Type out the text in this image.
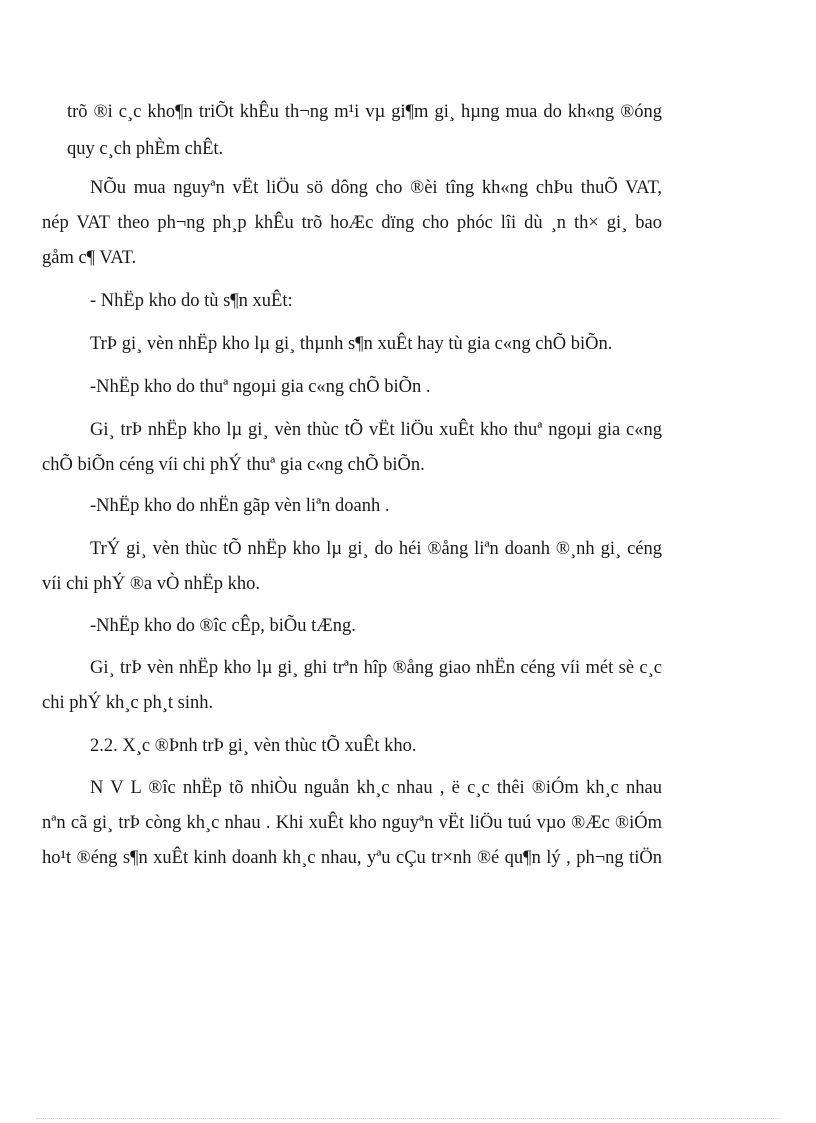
trõ ®i c¸c kho¶n triÕt khÊu th¬ng m¹i vµ gi¶m gi¸ hµng mua do kh«ng ®óng
quy c¸ch phÈm chÊt.
NÕu mua nguyªn vËt liÖu sö dông cho ®èi tîng kh«ng chÞu thuÕ VAT,
nép VAT theo ph¬ng ph¸p khÊu trõ hoÆc dïng cho phóc lîi dù ¸n th× gi¸ bao
gåm c¶ VAT.
- NhËp kho do tù s¶n xuÊt:
TrÞ gi¸ vèn nhËp kho lµ gi¸ thµnh s¶n xuÊt hay tù gia c«ng chÕ biÕn.
-NhËp kho do thuª ngoµi gia c«ng chÕ biÕn .
Gi¸ trÞ nhËp kho lµ gi¸ vèn thùc tÕ vËt liÖu xuÊt kho thuª ngoµi gia c«ng
chÕ biÕn céng víi chi phÝ thuª gia c«ng chÕ biÕn.
-NhËp kho do nhËn gãp vèn liªn doanh .
TrÝ gi¸ vèn thùc tÕ nhËp kho lµ gi¸ do héi ®ång liªn doanh ®¸nh gi¸ céng
víi chi phÝ ®a vÒ nhËp kho.
-NhËp kho do ®îc cÊp, biÕu tÆng.
Gi¸ trÞ vèn nhËp kho lµ gi¸ ghi trªn hîp ®ång giao nhËn céng víi mét sè c¸c
chi phÝ kh¸c ph¸t sinh.
2.2. X¸c ®Þnh trÞ gi¸ vèn thùc tÕ xuÊt kho.
N V L ®îc nhËp tõ nhiÒu nguån kh¸c nhau , ë c¸c thêi ®iÓm kh¸c nhau
nªn cã gi¸ trÞ còng kh¸c nhau . Khi xuÊt kho nguyªn vËt liÖu tuú vµo ®Æc ®iÓm
ho¹t ®éng s¶n xuÊt kinh doanh kh¸c nhau, yªu cÇu tr×nh ®é qu¶n lý , ph¬ng tiÖn
